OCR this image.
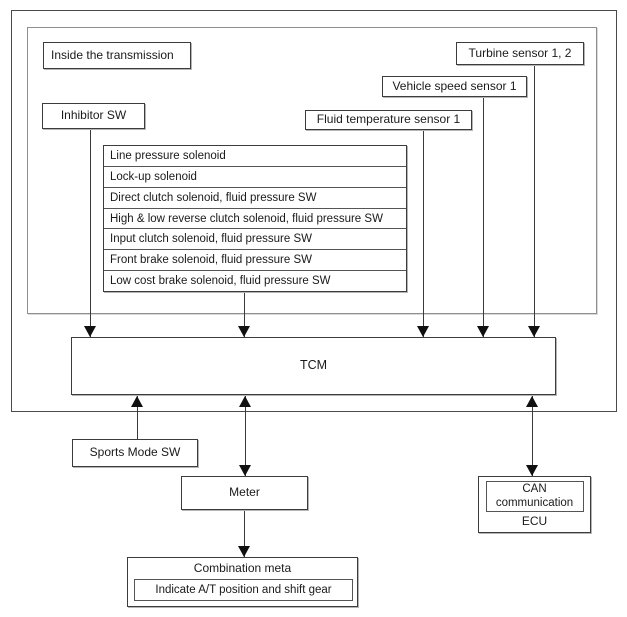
Inside the transmission
Inhibitor SW
Turbine sensor 1, 2
Vehicle speed sensor 1
Fluid temperature sensor 1
Line pressure solenoid
Lock-up solenoid
Direct clutch solenoid, fluid pressure SW
High & low reverse clutch solenoid, fluid pressure SW
Input clutch solenoid, fluid pressure SW
Front brake solenoid, fluid pressure SW
Low cost brake solenoid, fluid pressure SW
TCM
Sports Mode SW
Meter
Combination meta
Indicate A/T position and shift gear
CAN communication
ECU
